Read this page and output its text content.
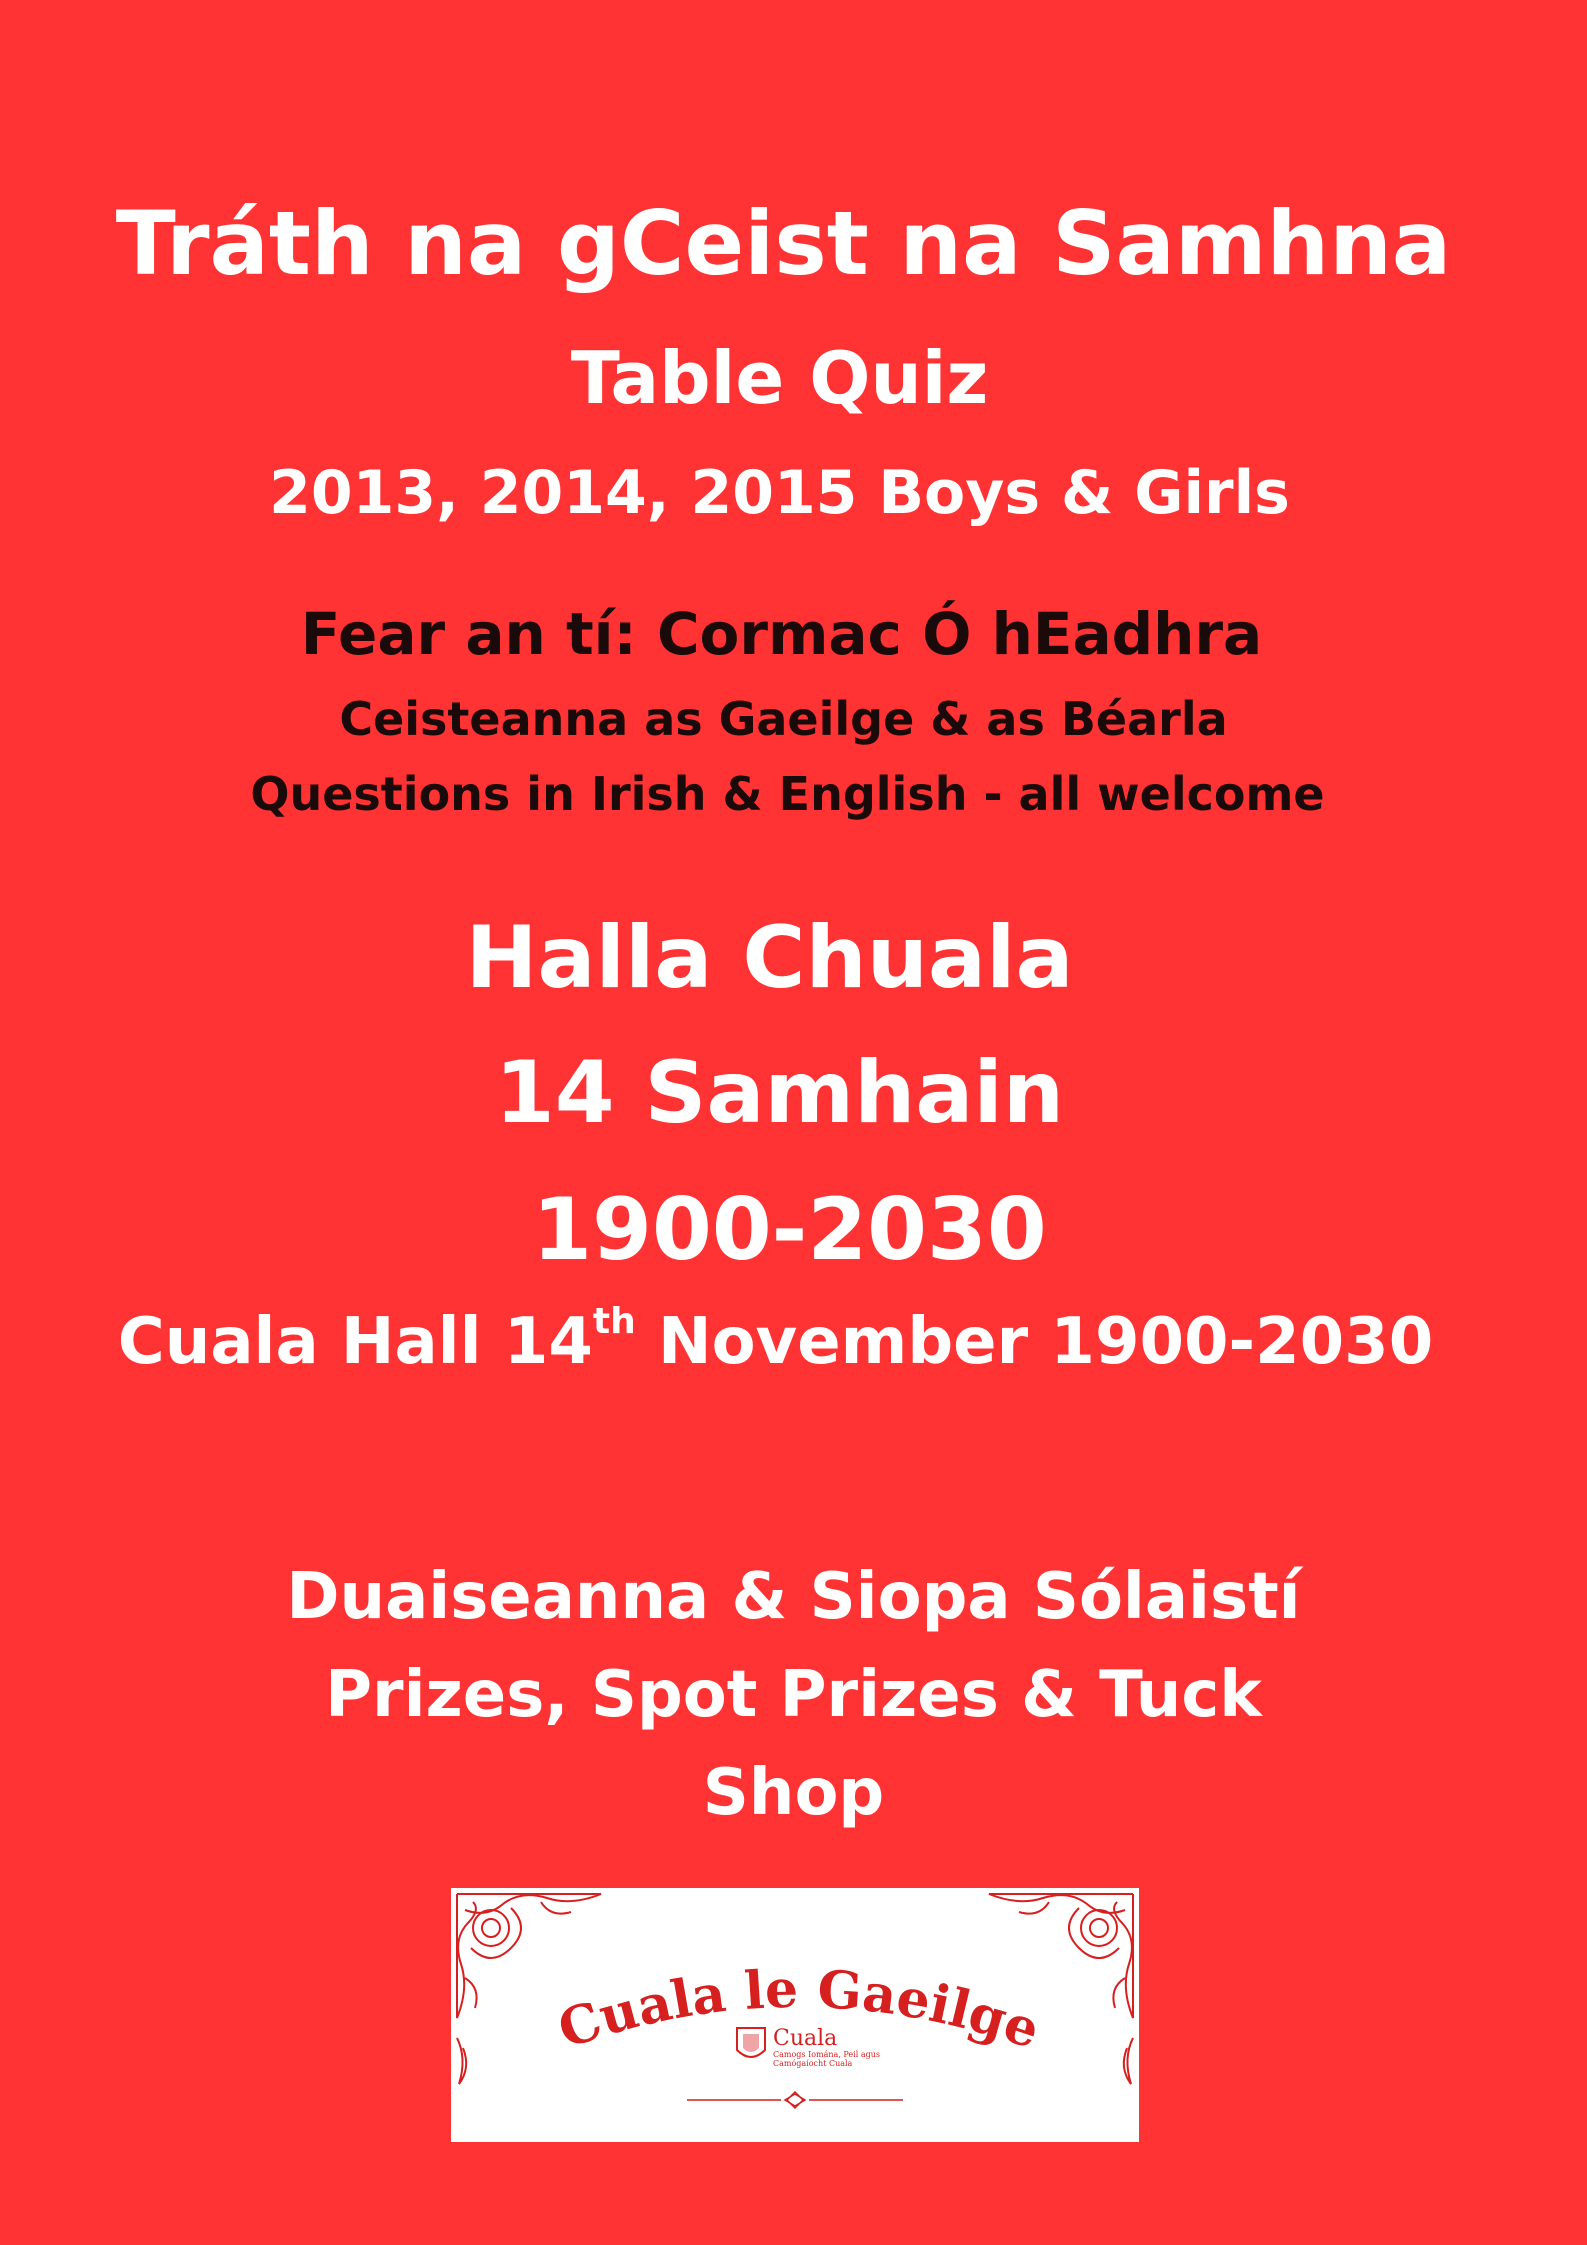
Tráth na gCeist na Samhna
Table Quiz
2013, 2014, 2015 Boys & Girls
Fear an tí: Cormac Ó hEadhra
Ceisteanna as Gaeilge & as Béarla
Questions in Irish & English - all welcome
Halla Chuala
14 Samhain
1900-2030
Cuala Hall 14th November 1900-2030
Duaiseanna & Siopa Sólaistí
Prizes, Spot Prizes & Tuck
Shop
Cuala le Gaeilge
Cuala
Camogs Iomána, Peil agus Camógaíocht Cuala
